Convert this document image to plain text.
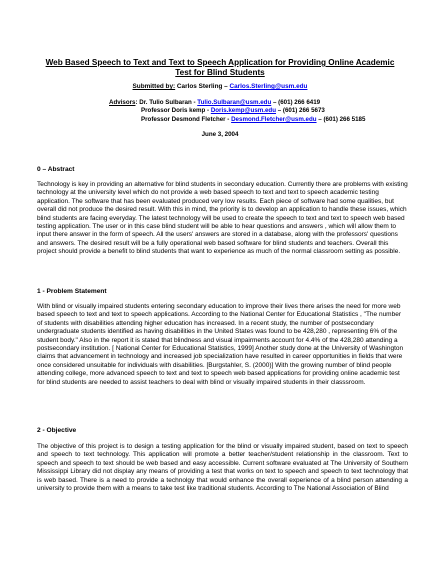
Web Based Speech to Text and Text to Speech Application for Providing Online Academic Test for Blind Students
Submitted by: Carlos Sterling – Carlos.Sterling@usm.edu
Advisors: Dr. Tulio Sulbaran - Tulio.Sulbaran@usm.edu – (601) 266 6419
Professor Doris kemp - Doris.kemp@usm.edu – (601) 266 5673
Professor Desmond Fletcher - Desmond.Fletcher@usm.edu – (601) 266 5185
June 3, 2004
0 – Abstract

Technology is key in providing an alternative for blind students in secondary education. Currently there are problems with existing technology at the university level which do not provide a web based speech to text and text to speech academic testing application. The software that has been evaluated produced very low results. Each piece of software had some qualities, but overall did not produce the desired result. With this in mind, the priority is to develop an application to handle these issues, which blind students are facing everyday. The latest technology will be used to create the speech to text and text to speech web based testing application. The user or in this case blind student will be able to hear questions and answers , which will allow them to input there answer in the form of speech. All the users' answers are stored in a database, along with the professors' questions and answers. The desired result will be a fully operational web based software for blind students and teachers. Overall this project should provide a benefit to blind students that want to experience as much of the normal classroom setting as possible.

1 - Problem Statement

With blind or visually impaired students entering secondary education to improve their lives there arises the need for more web based speech to text and text to speech applications. According to the National Center for Educational Statistics , "The number of students with disabilities attending higher education has increased. In a recent study, the number of postsecondary undergraduate students identified as having disabilities in the United States was found to be 428,280 , representing 6% of the student body." Also in the report it is stated that blindness and visual impairments account for 4.4% of the 428,280 attending a postsecondary institution. [ National Center for Educational Statistics, 1999] Another study done at the University of Washington claims that advancement in technology and increased job specialization have resulted in career opportunities in fields that were once considered unsuitable for individuals with disabilities. [Burgstahler, S. (2000)] With the growing number of blind people attending college, more advanced speech to text and text to speech web based applications for providing online academic test for blind students are needed to assist teachers to deal with blind or visually impaired students in their classsroom.

2 - Objective

The objective of this project is to design a testing application for the blind or visually impaired student, based on text to speech and speech to text technology. This application will promote a better teacher/student relationship in the classroom. Text to speech and speech to text should be web based and easy accessible. Current software evaluated at The University of Southern Mississippi Library did not display any means of providing a test that works on text to speech and speech to text technology that is web based. There is a need to provide a technolgy that would enhance the overall experience of a blind person attending a university to provide them with a means to take test like traditional students. According to The National Association of Blind
